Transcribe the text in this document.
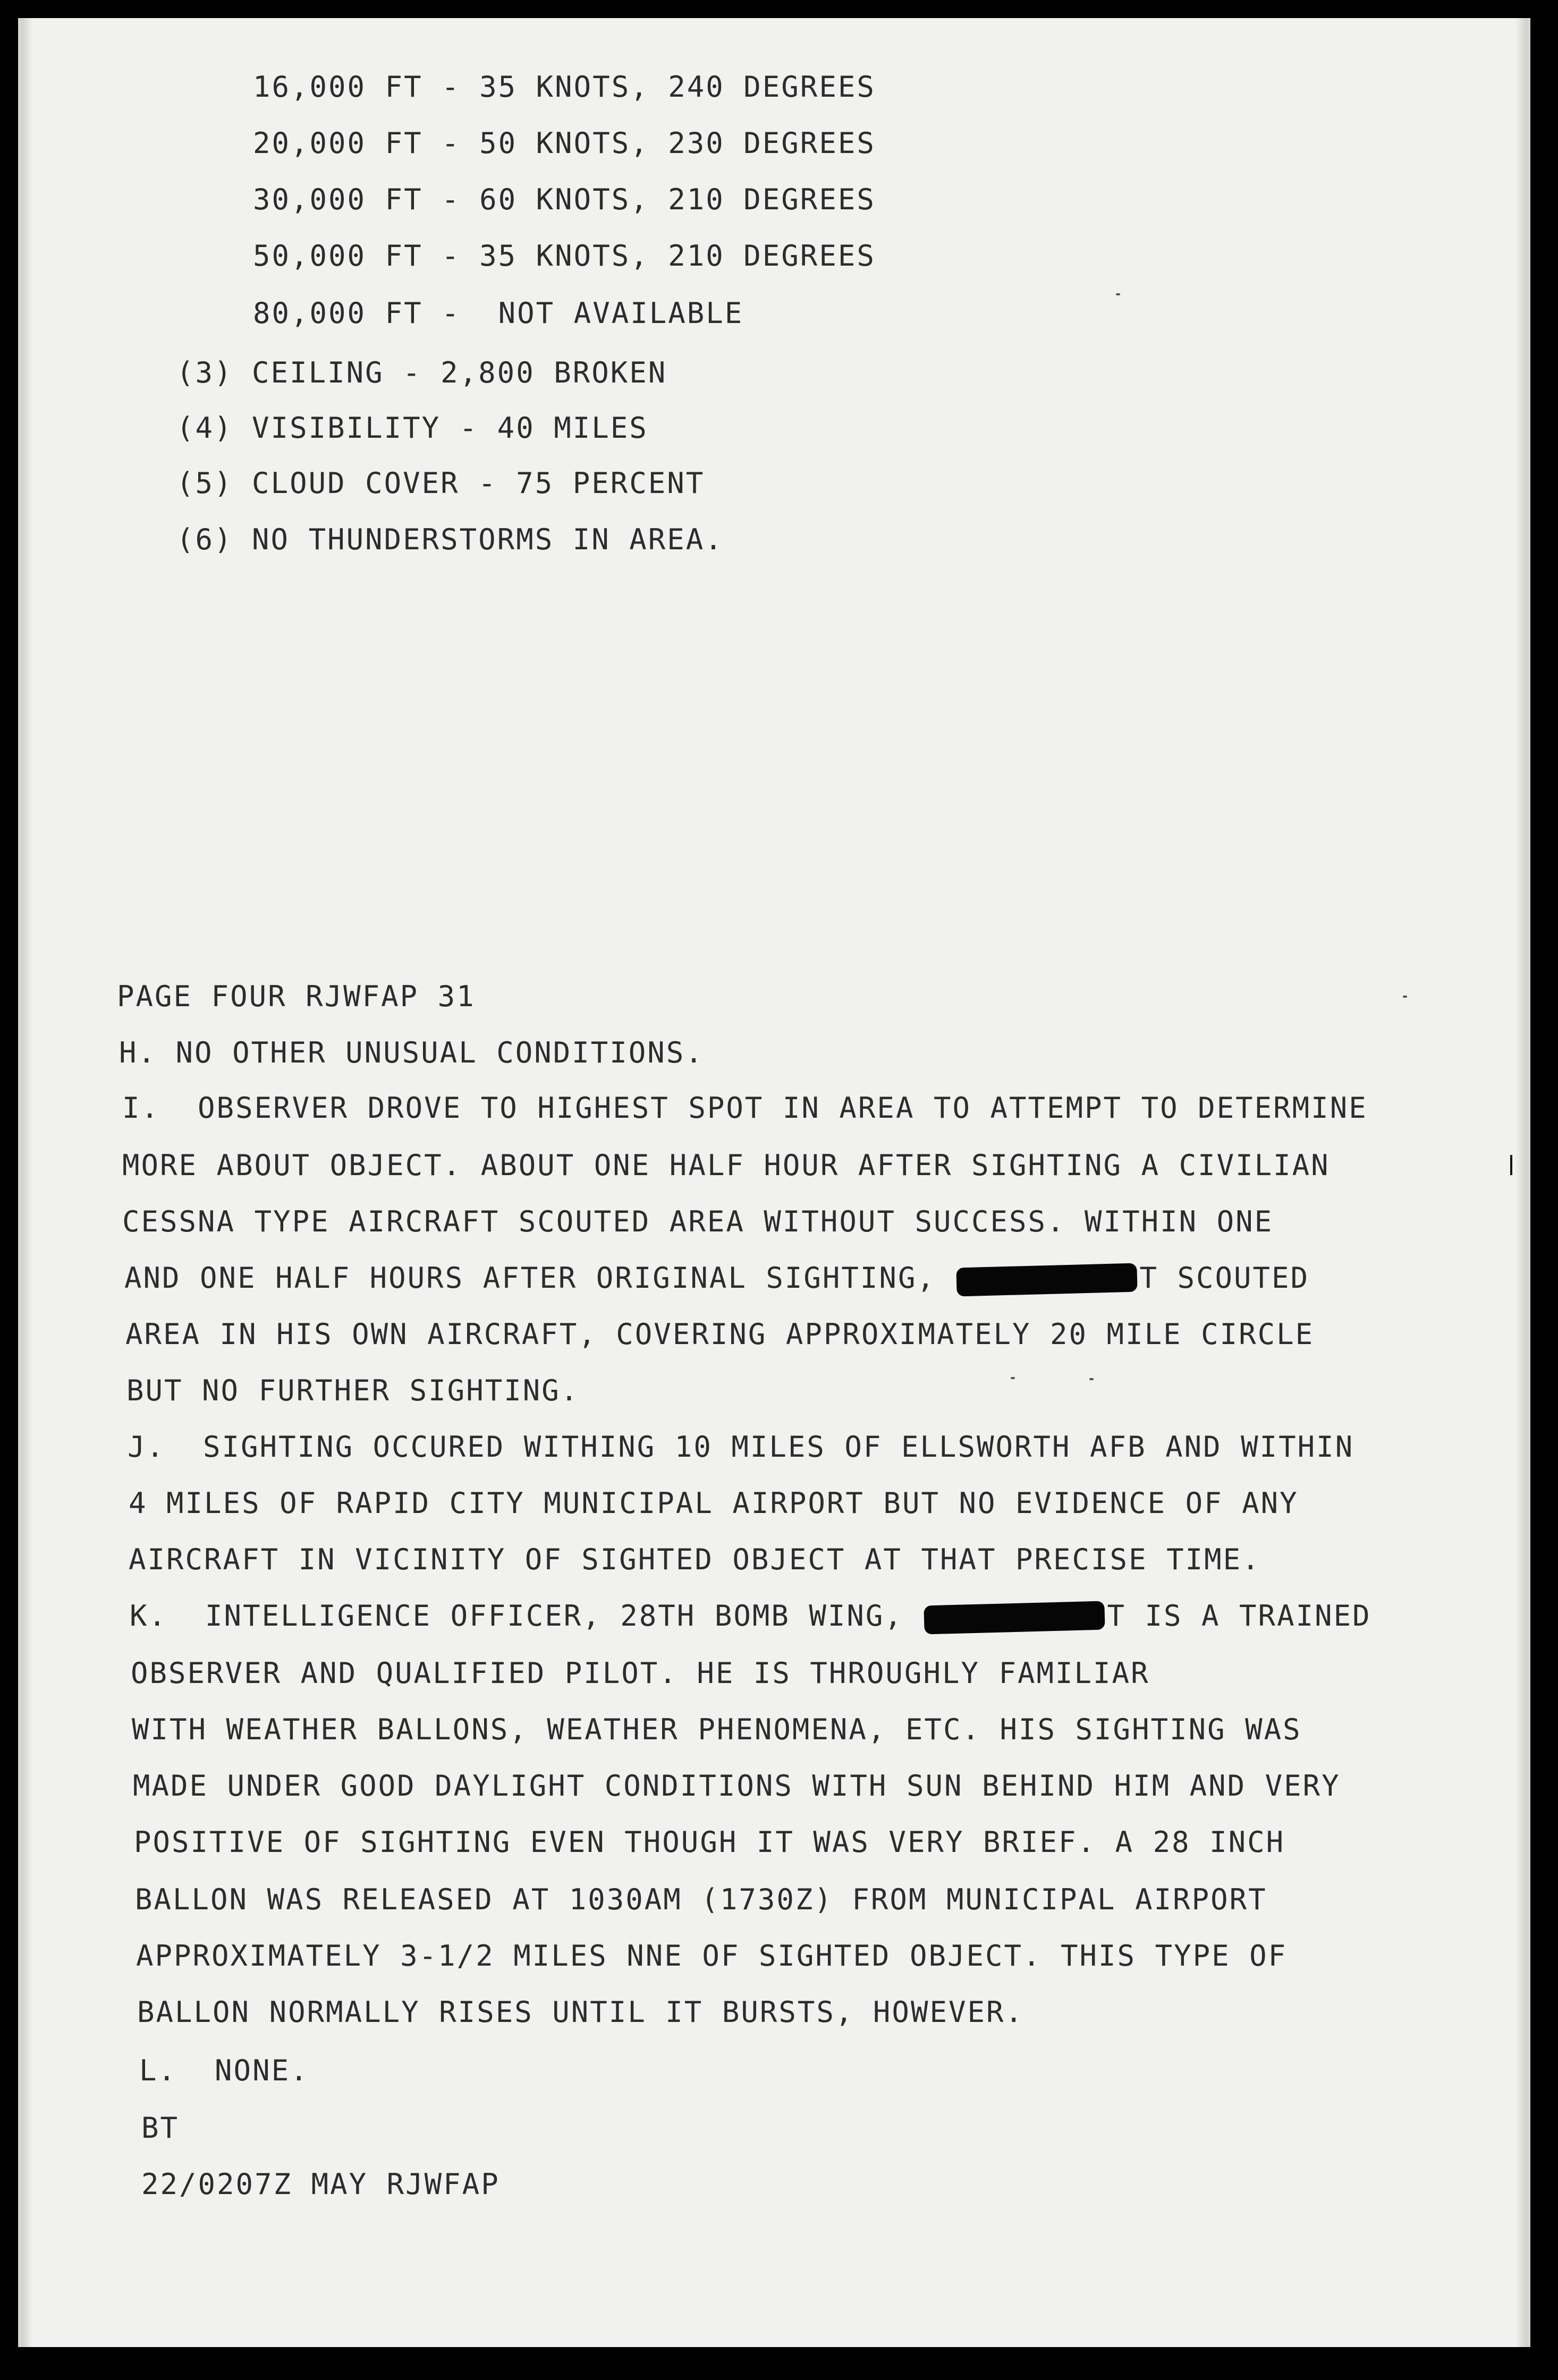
16,000 FT - 35 KNOTS, 240 DEGREES
20,000 FT - 50 KNOTS, 230 DEGREES
30,000 FT - 60 KNOTS, 210 DEGREES
50,000 FT - 35 KNOTS, 210 DEGREES
80,000 FT -  NOT AVAILABLE
(3) CEILING - 2,800 BROKEN
(4) VISIBILITY - 40 MILES
(5) CLOUD COVER - 75 PERCENT
(6) NO THUNDERSTORMS IN AREA.
PAGE FOUR RJWFAP 31
H. NO OTHER UNUSUAL CONDITIONS.
I.  OBSERVER DROVE TO HIGHEST SPOT IN AREA TO ATTEMPT TO DETERMINE
MORE ABOUT OBJECT. ABOUT ONE HALF HOUR AFTER SIGHTING A CIVILIAN
CESSNA TYPE AIRCRAFT SCOUTED AREA WITHOUT SUCCESS. WITHIN ONE
AND ONE HALF HOURS AFTER ORIGINAL SIGHTING,	T SCOUTED
AREA IN HIS OWN AIRCRAFT, COVERING APPROXIMATELY 20 MILE CIRCLE
BUT NO FURTHER SIGHTING.
J.  SIGHTING OCCURED WITHING 10 MILES OF ELLSWORTH AFB AND WITHIN
4 MILES OF RAPID CITY MUNICIPAL AIRPORT BUT NO EVIDENCE OF ANY
AIRCRAFT IN VICINITY OF SIGHTED OBJECT AT THAT PRECISE TIME.
K.  INTELLIGENCE OFFICER, 28TH BOMB WING,	T IS A TRAINED
OBSERVER AND QUALIFIED PILOT. HE IS THROUGHLY FAMILIAR
WITH WEATHER BALLONS, WEATHER PHENOMENA, ETC. HIS SIGHTING WAS
MADE UNDER GOOD DAYLIGHT CONDITIONS WITH SUN BEHIND HIM AND VERY
POSITIVE OF SIGHTING EVEN THOUGH IT WAS VERY BRIEF. A 28 INCH
BALLON WAS RELEASED AT 1030AM (1730Z) FROM MUNICIPAL AIRPORT
APPROXIMATELY 3-1/2 MILES NNE OF SIGHTED OBJECT. THIS TYPE OF
BALLON NORMALLY RISES UNTIL IT BURSTS, HOWEVER.
L.  NONE.
BT
22/0207Z MAY RJWFAP
